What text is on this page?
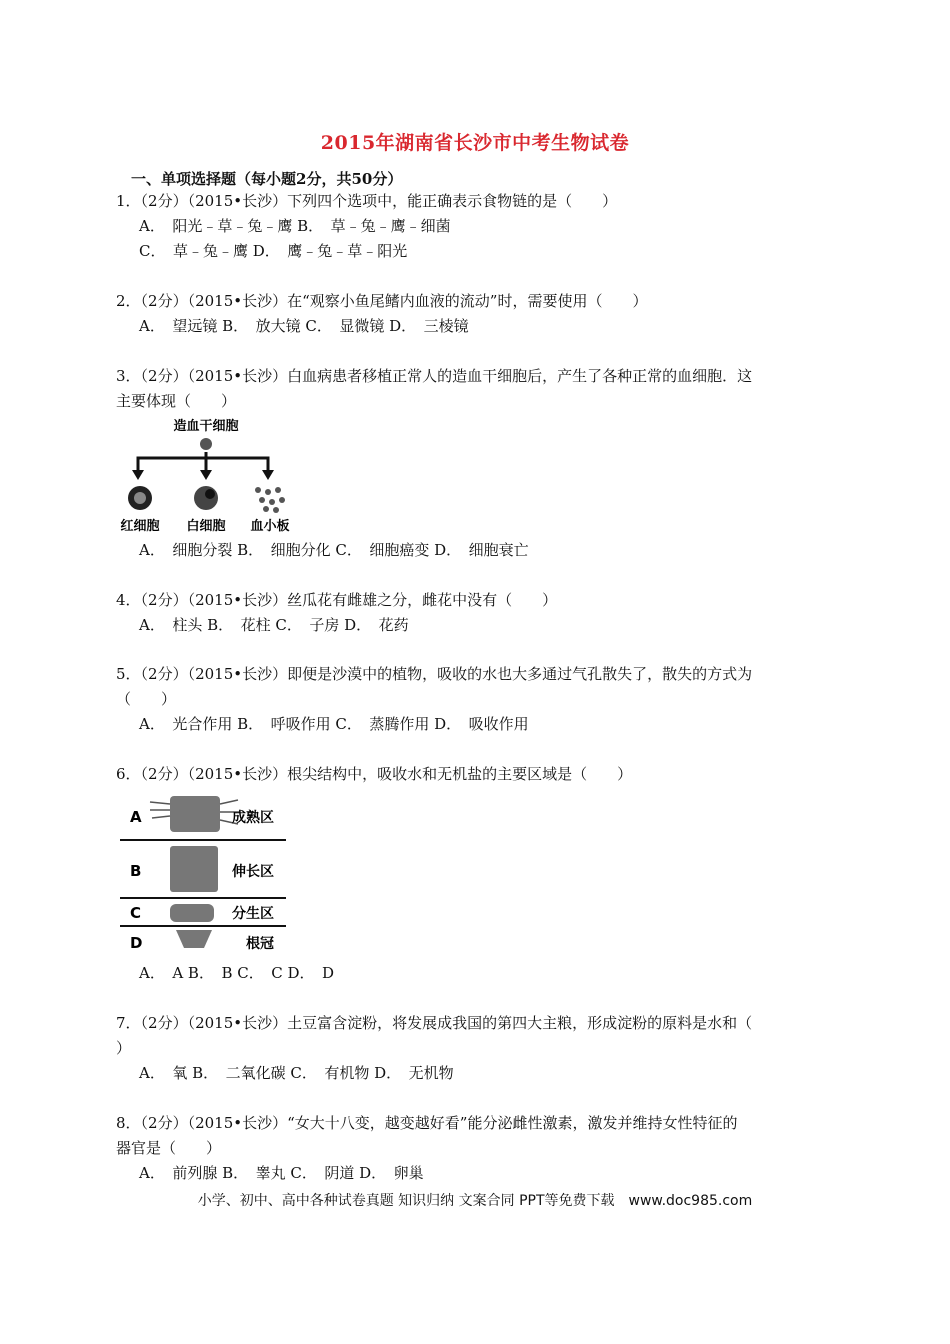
2015年湖南省长沙市中考生物试卷
一、单项选择题（每小题2分，共50分）
1．（2分）（2015•长沙）下列四个选项中，能正确表示食物链的是（　　）
A．　阳光﹣草﹣兔﹣鹰 B．　草﹣兔﹣鹰﹣细菌
C．　草﹣兔﹣鹰 D．　鹰﹣兔﹣草﹣阳光
2．（2分）（2015•长沙）在“观察小鱼尾鳍内血液的流动”时，需要使用（　　）
A．　望远镜 B．　放大镜 C．　显微镜 D．　三棱镜
3．（2分）（2015•长沙）白血病患者移植正常人的造血干细胞后，产生了各种正常的血细胞．这
主要体现（　　）
造血干细胞
红细胞 白细胞 血小板
A．　细胞分裂 B．　细胞分化 C．　细胞癌变 D．　细胞衰亡
4．（2分）（2015•长沙）丝瓜花有雌雄之分，雌花中没有（　　）
A．　柱头 B．　花柱 C．　子房 D．　花药
5．（2分）（2015•长沙）即便是沙漠中的植物，吸收的水也大多通过气孔散失了，散失的方式为
（　　）
A．　光合作用 B．　呼吸作用 C．　蒸腾作用 D．　吸收作用
6．（2分）（2015•长沙）根尖结构中，吸收水和无机盐的主要区域是（　　）
A	成熟区
B	伸长区
C	分生区
D	根冠
A．　A B．　B C．　C D．　D
7．（2分）（2015•长沙）土豆富含淀粉，将发展成我国的第四大主粮，形成淀粉的原料是水和（
）
A．　氧 B．　二氧化碳 C．　有机物 D．　无机物
8．（2分）（2015•长沙）“女大十八变，越变越好看”能分泌雌性激素，激发并维持女性特征的
器官是（　　）
A．　前列腺 B．　睾丸 C．　阴道 D．　卵巢
小学、初中、高中各种试卷真题 知识归纳 文案合同 PPT等免费下载　www.doc985.com
